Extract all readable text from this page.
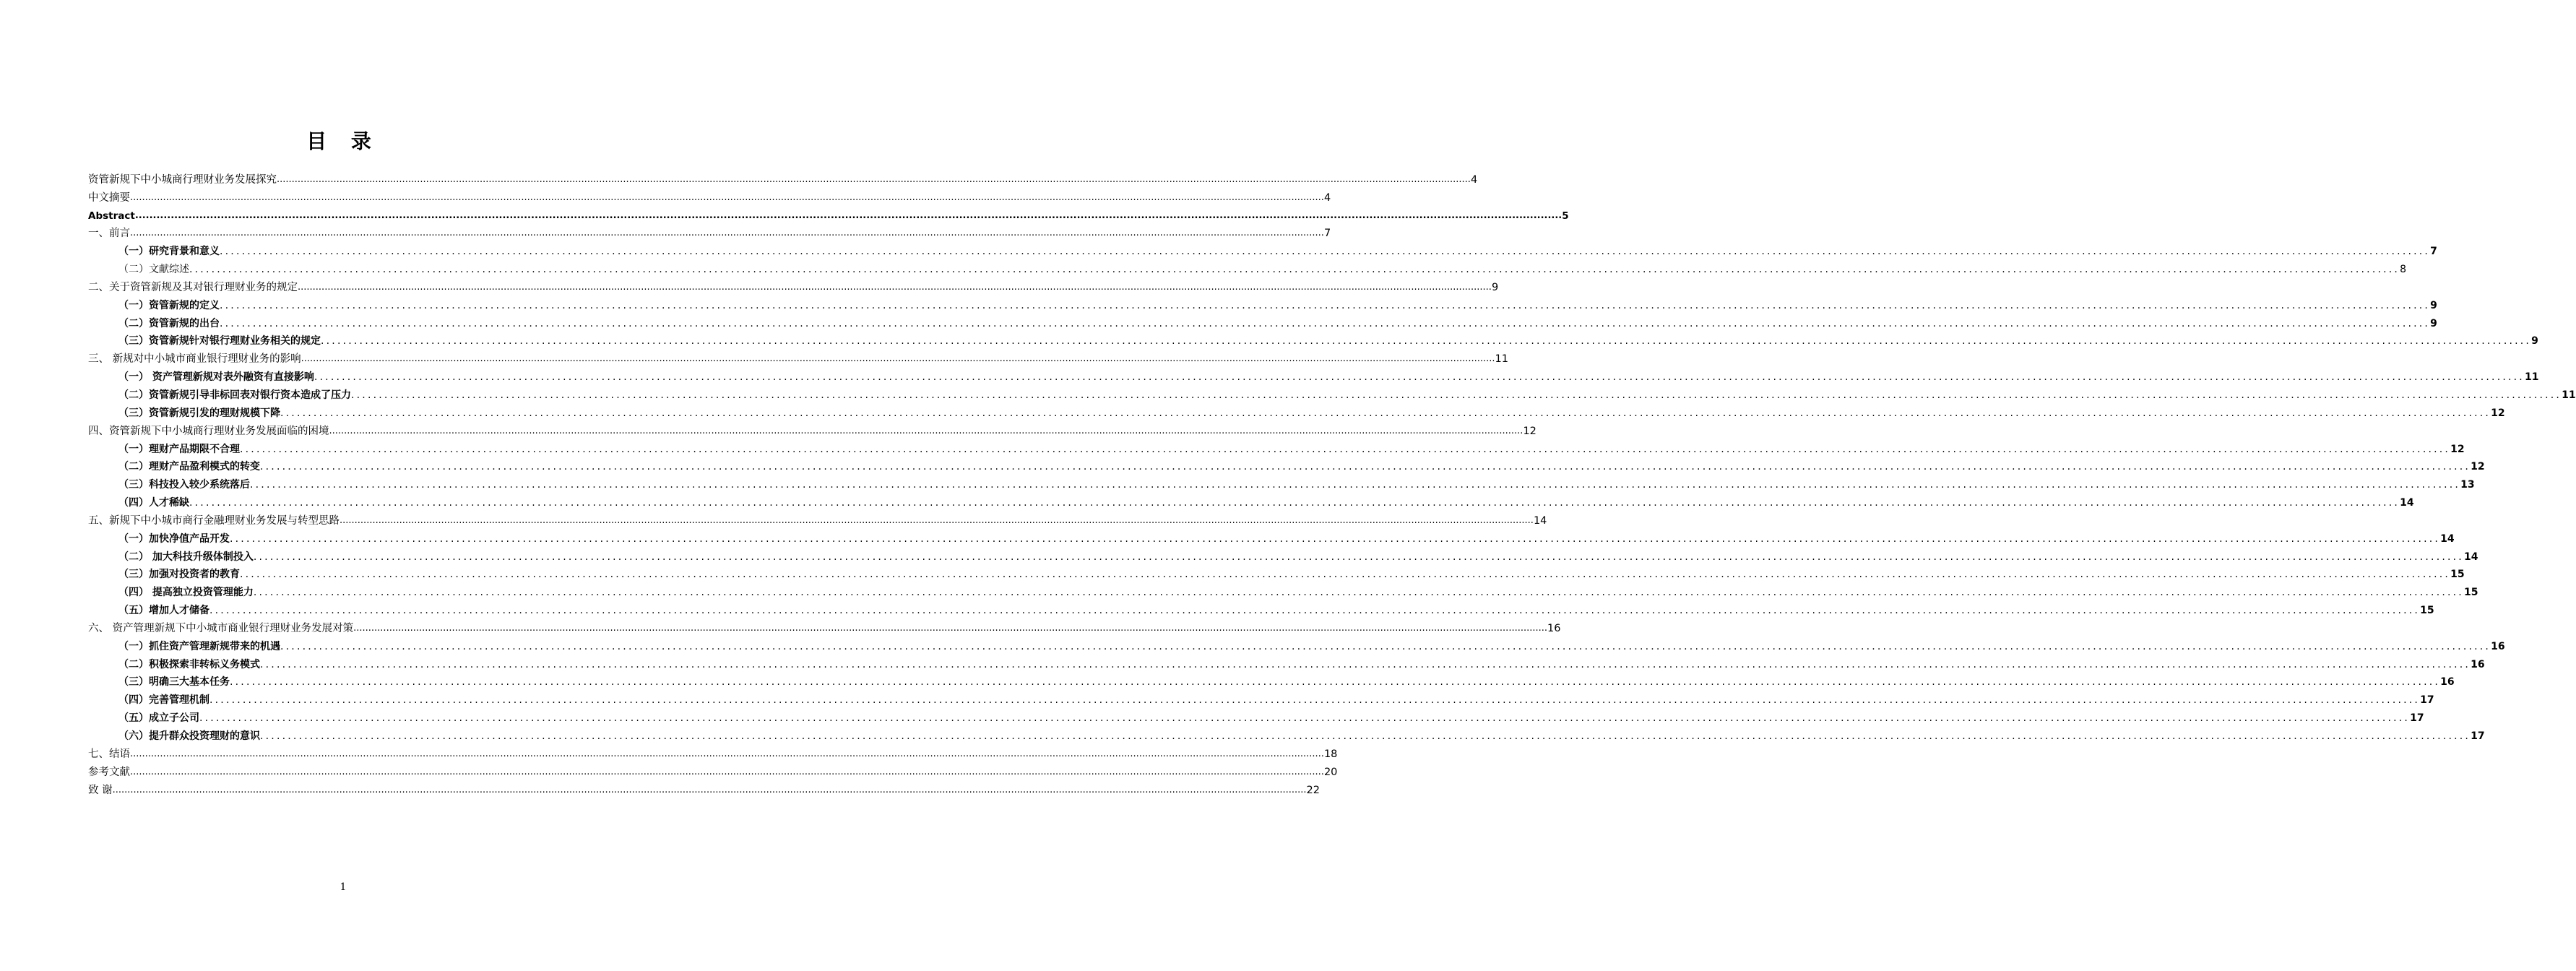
目 录
资管新规下中小城商行理财业务发展探究 ................................................................................................................................................................................................................................................................................................................................................................................................................ 4
中文摘要 ................................................................................................................................................................................................................................................................................................................................................................................................................ 4
Abstract ................................................................................................................................................................................................................................................................................................................................................................................................................ 5
一、前言 ................................................................................................................................................................................................................................................................................................................................................................................................................ 7
（一）研究背景和意义 ................................................................................................................................................................................................................................................................................................................................................................................................................ 7
（二）文献综述 ................................................................................................................................................................................................................................................................................................................................................................................................................ 8
二、关于资管新规及其对银行理财业务的规定 ................................................................................................................................................................................................................................................................................................................................................................................................................ 9
（一）资管新规的定义 ................................................................................................................................................................................................................................................................................................................................................................................................................ 9
（二）资管新规的出台 ................................................................................................................................................................................................................................................................................................................................................................................................................ 9
（三）资管新规针对银行理财业务相关的规定 ................................................................................................................................................................................................................................................................................................................................................................................................................ 9
三、 新规对中小城市商业银行理财业务的影响 ................................................................................................................................................................................................................................................................................................................................................................................................................ 11
（一） 资产管理新规对表外融资有直接影响 ................................................................................................................................................................................................................................................................................................................................................................................................................ 11
（二）资管新规引导非标回表对银行资本造成了压力 ................................................................................................................................................................................................................................................................................................................................................................................................................ 11
（三）资管新规引发的理财规模下降 ................................................................................................................................................................................................................................................................................................................................................................................................................ 12
四、资管新规下中小城商行理财业务发展面临的困境 ................................................................................................................................................................................................................................................................................................................................................................................................................ 12
（一）理财产品期限不合理 ................................................................................................................................................................................................................................................................................................................................................................................................................ 12
（二）理财产品盈利模式的转变 ................................................................................................................................................................................................................................................................................................................................................................................................................ 12
（三）科技投入较少系统落后 ................................................................................................................................................................................................................................................................................................................................................................................................................ 13
（四）人才稀缺 ................................................................................................................................................................................................................................................................................................................................................................................................................ 14
五、新规下中小城市商行金融理财业务发展与转型思路 ................................................................................................................................................................................................................................................................................................................................................................................................................ 14
（一）加快净值产品开发 ................................................................................................................................................................................................................................................................................................................................................................................................................ 14
（二） 加大科技升级体制投入 ................................................................................................................................................................................................................................................................................................................................................................................................................ 14
（三）加强对投资者的教育 ................................................................................................................................................................................................................................................................................................................................................................................................................ 15
（四） 提高独立投资管理能力 ................................................................................................................................................................................................................................................................................................................................................................................................................ 15
（五）增加人才储备 ................................................................................................................................................................................................................................................................................................................................................................................................................ 15
六、 资产管理新规下中小城市商业银行理财业务发展对策 ................................................................................................................................................................................................................................................................................................................................................................................................................ 16
（一）抓住资产管理新规带来的机遇 ................................................................................................................................................................................................................................................................................................................................................................................................................ 16
（二）积极探索非转标义务模式 ................................................................................................................................................................................................................................................................................................................................................................................................................ 16
（三）明确三大基本任务 ................................................................................................................................................................................................................................................................................................................................................................................................................ 16
（四）完善管理机制 ................................................................................................................................................................................................................................................................................................................................................................................................................ 17
（五）成立子公司 ................................................................................................................................................................................................................................................................................................................................................................................................................ 17
（六）提升群众投资理财的意识 ................................................................................................................................................................................................................................................................................................................................................................................................................ 17
七、结语 ................................................................................................................................................................................................................................................................................................................................................................................................................ 18
参考文献 ................................................................................................................................................................................................................................................................................................................................................................................................................ 20
致 谢 ................................................................................................................................................................................................................................................................................................................................................................................................................ 22
1
